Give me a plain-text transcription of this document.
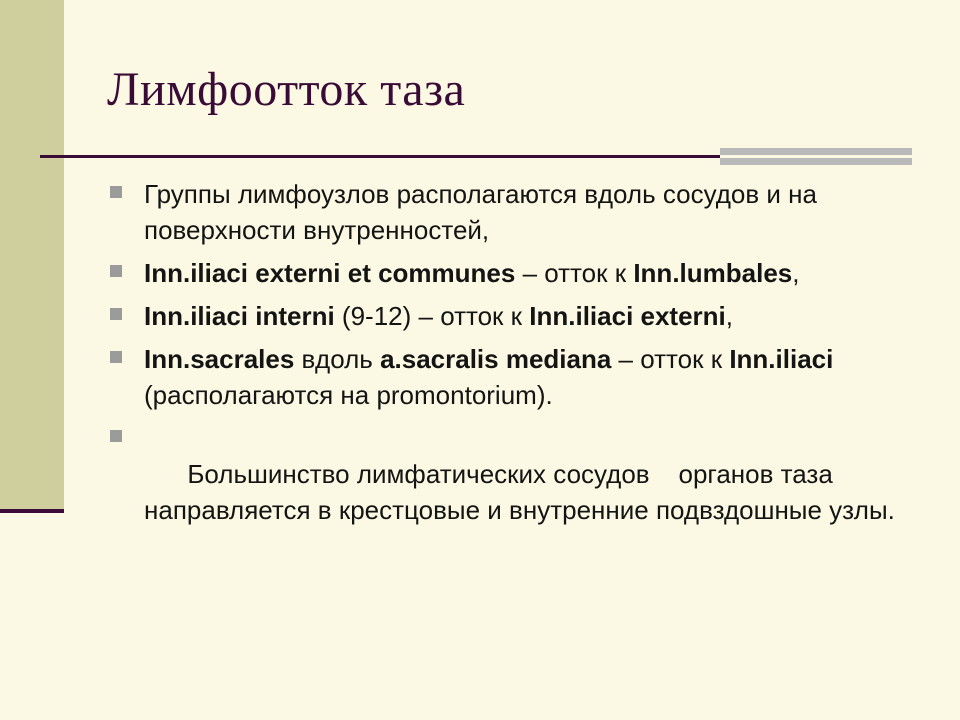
Лимфоотток таза
Группы лимфоузлов располагаются вдоль сосудов и на поверхности внутренностей,
Inn.iliaci externi et communes – отток к Inn.lumbales,
Inn.iliaci interni (9-12) – отток к Inn.iliaci externi,
Inn.sacrales вдоль a.sacralis mediana – отток к Inn.iliaci (располагаются на promontorium).

Большинство лимфатических сосудов    органов таза направляется в крестцовые и внутренние подвздошные узлы.
